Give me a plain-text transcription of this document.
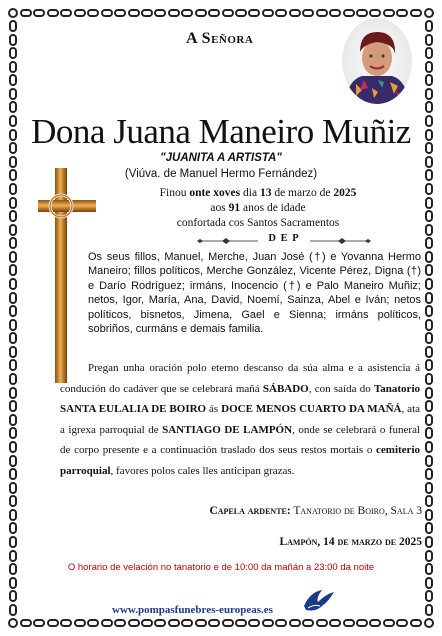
A Señora
Dona Juana Maneiro Muñiz
"JUANITA A ARTISTA"
(Viúva. de Manuel Hermo Fernández)
Finou onte xoves dia 13 de marzo de 2025
aos 91 anos de idade
confortada cos Santos Sacramentos
D E P
Os seus fillos, Manuel, Merche, Juan José (†) e Yovanna Hermo Maneiro; fillos políticos, Merche González, Vicente Pérez, Digna (†) e Darío Rodríguez; irmáns, Inocencio (†) e Palo Maneiro Muñiz; netos, Igor, María, Ana, David, Noemí, Sainza, Abel e Iván; netos políticos, bisnetos, Jimena, Gael e Sienna; irmáns políticos, sobriños, curmáns e demais familia.

Pregan unha oración polo eterno descanso da súa alma e a asistencia á condución do cadáver que se celebrará mañá SÁBADO, con saída do Tanatorio SANTA EULALIA DE BOIRO ás DOCE MENOS CUARTO DA MAÑÁ, ata a igrexa parroquial de SANTIAGO DE LAMPÓN, onde se celebrará o funeral de corpo presente e a continuación traslado dos seus restos mortais o cemiterio parroquial, favores polos cales lles anticipan grazas.

Capela ardente: Tanatorio de Boiro, Sala 3
Lampón, 14 de marzo de 2025
O horario de velación no tanatorio e de 10:00 da mañán a 23:00 da noite
www.pompasfunebres-europeas.es
